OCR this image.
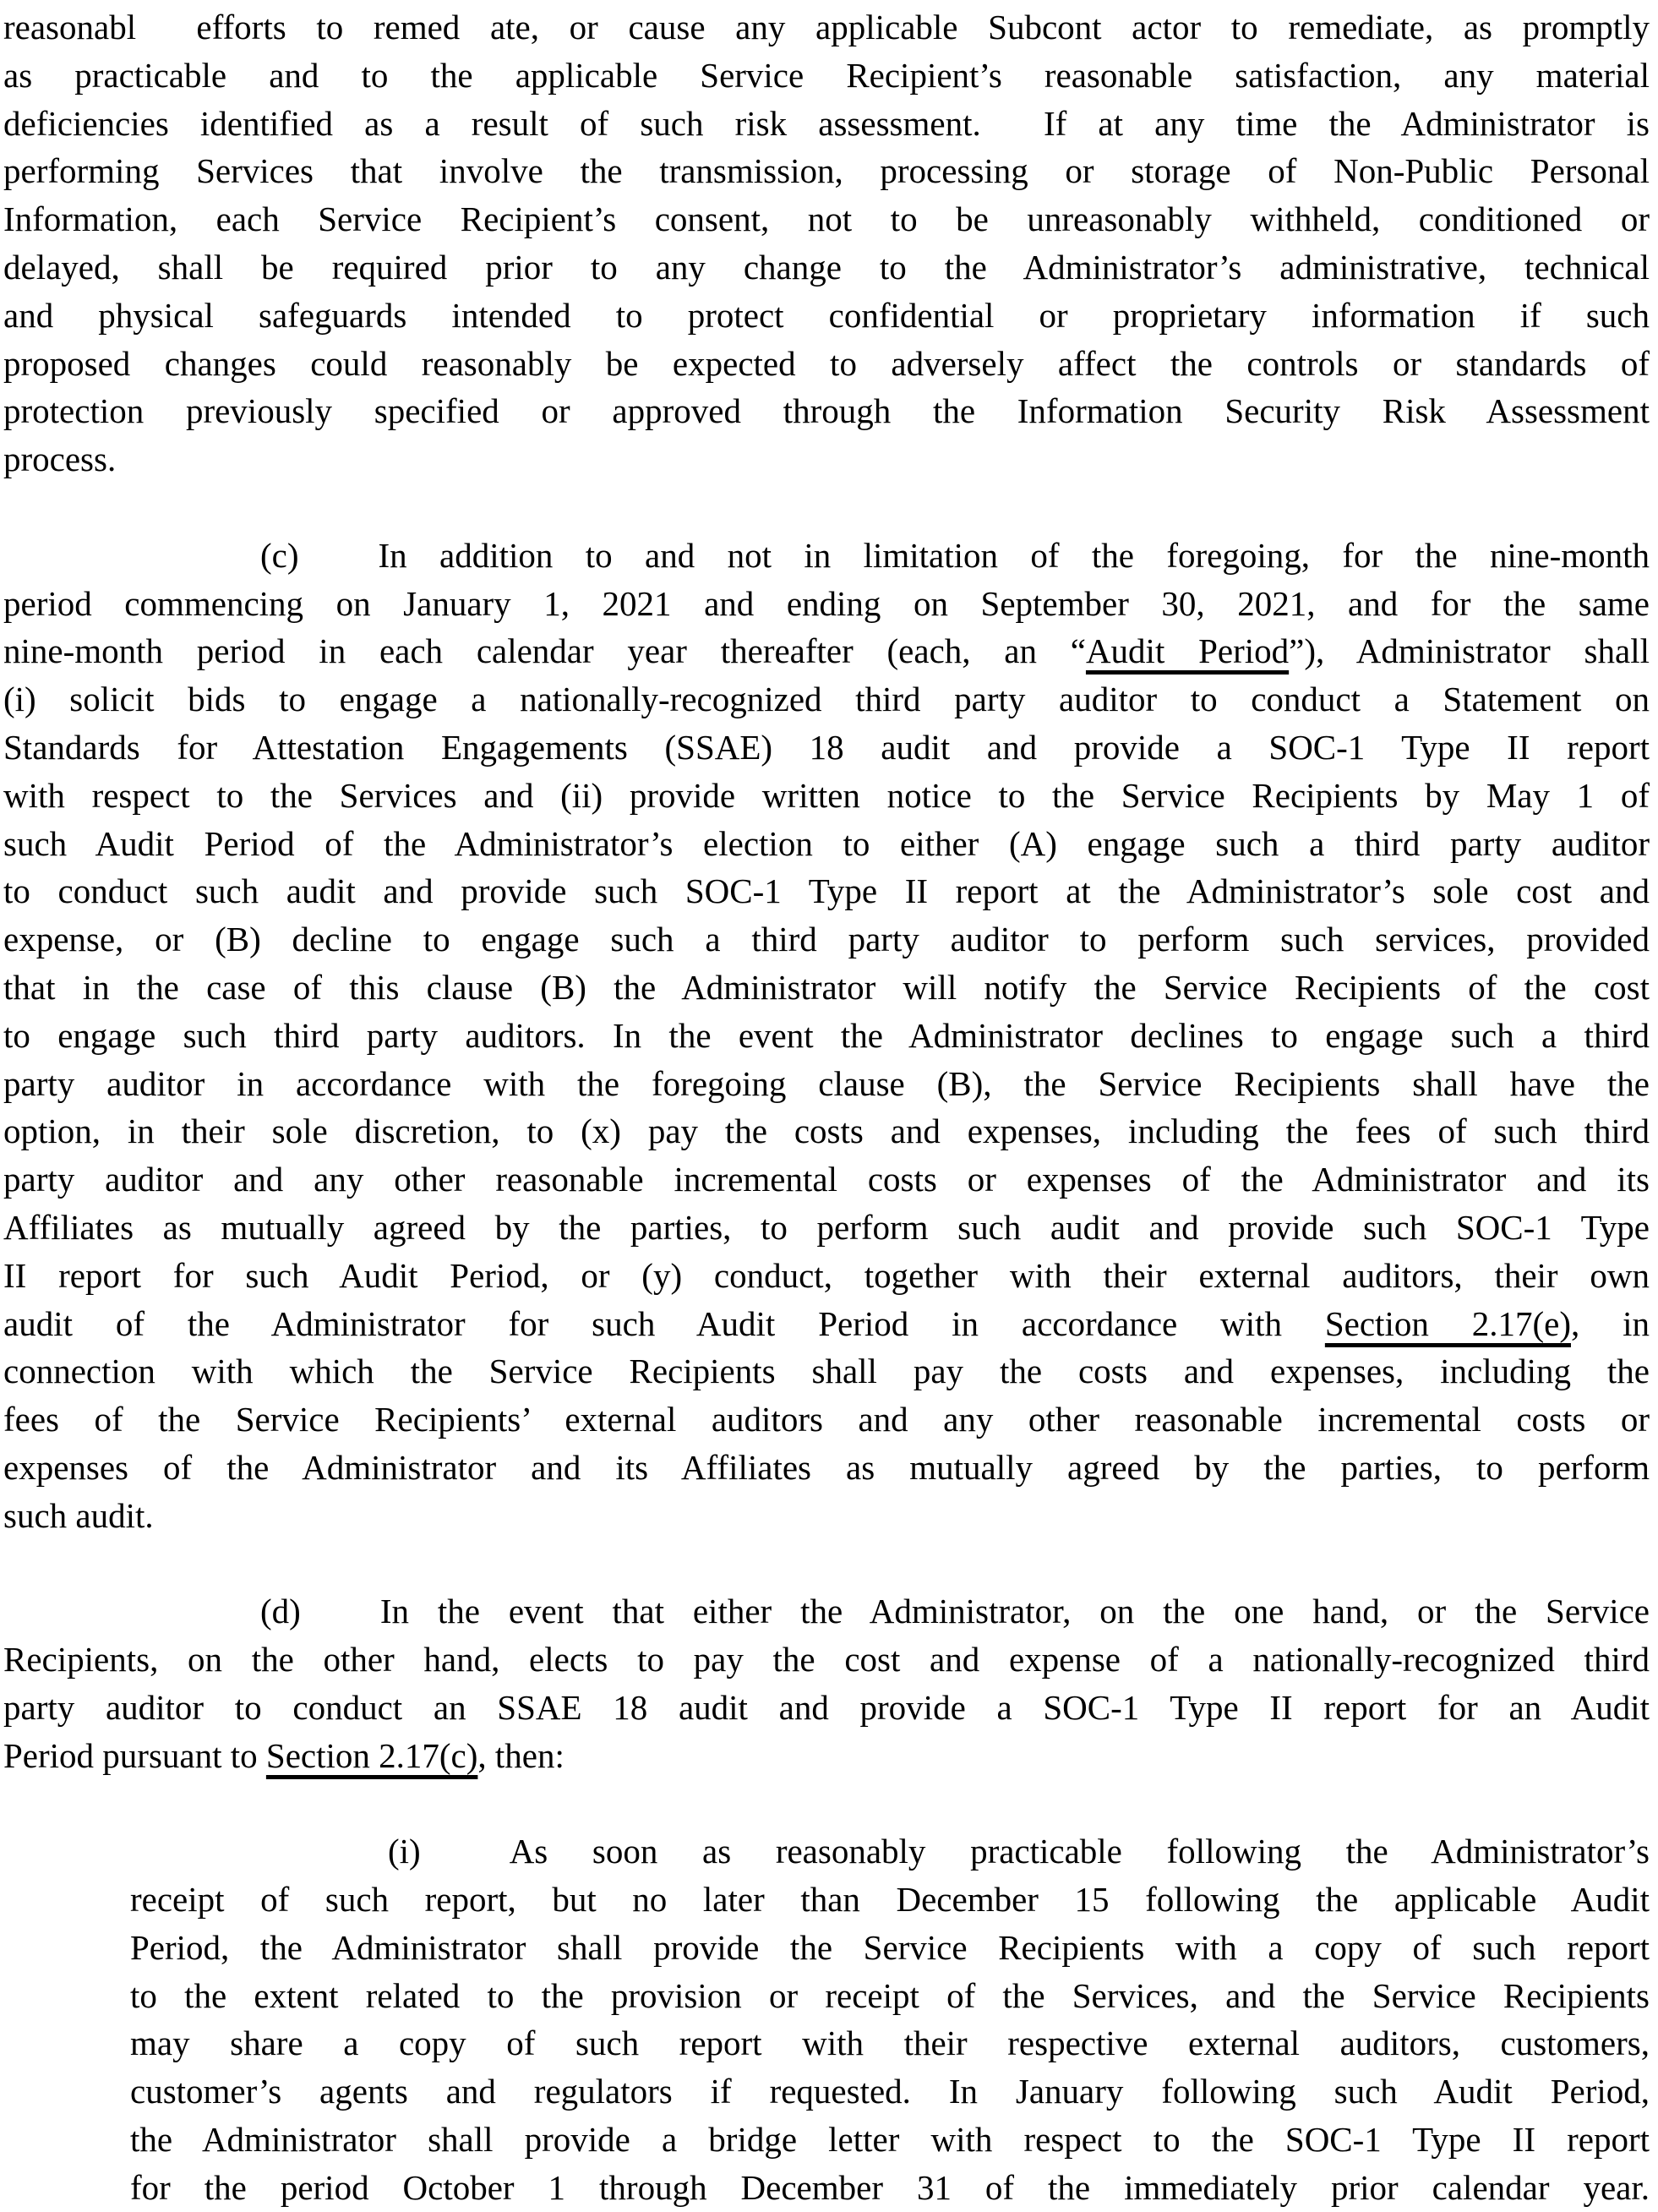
reasonabl  efforts to remed ate, or cause any applicable Subcont actor to remediate, as promptly
as practicable and to the applicable Service Recipient’s reasonable satisfaction, any material
deficiencies identified as a result of such risk assessment.  If at any time the Administrator is
performing Services that involve the transmission, processing or storage of Non-Public Personal
Information, each Service Recipient’s consent, not to be unreasonably withheld, conditioned or
delayed, shall be required prior to any change to the Administrator’s administrative, technical
and physical safeguards intended to protect confidential or proprietary information if such
proposed changes could reasonably be expected to adversely affect the controls or standards of
protection previously specified or approved through the Information Security Risk Assessment
process.
(c) In addition to and not in limitation of the foregoing, for the nine-month
period commencing on January 1, 2021 and ending on September 30, 2021, and for the same
nine-month period in each calendar year thereafter (each, an “Audit Period”), Administrator shall
(i) solicit bids to engage a nationally-recognized third party auditor to conduct a Statement on
Standards for Attestation Engagements (SSAE) 18 audit and provide a SOC-1 Type II report
with respect to the Services and (ii) provide written notice to the Service Recipients by May 1 of
such Audit Period of the Administrator’s election to either (A) engage such a third party auditor
to conduct such audit and provide such SOC-1 Type II report at the Administrator’s sole cost and
expense, or (B) decline to engage such a third party auditor to perform such services, provided
that in the case of this clause (B) the Administrator will notify the Service Recipients of the cost
to engage such third party auditors. In the event the Administrator declines to engage such a third
party auditor in accordance with the foregoing clause (B), the Service Recipients shall have the
option, in their sole discretion, to (x) pay the costs and expenses, including the fees of such third
party auditor and any other reasonable incremental costs or expenses of the Administrator and its
Affiliates as mutually agreed by the parties, to perform such audit and provide such SOC-1 Type
II report for such Audit Period, or (y) conduct, together with their external auditors, their own
audit of the Administrator for such Audit Period in accordance with Section 2.17(e), in
connection with which the Service Recipients shall pay the costs and expenses, including the
fees of the Service Recipients’ external auditors and any other reasonable incremental costs or
expenses of the Administrator and its Affiliates as mutually agreed by the parties, to perform
such audit.
(d) In the event that either the Administrator, on the one hand, or the Service
Recipients, on the other hand, elects to pay the cost and expense of a nationally-recognized third
party auditor to conduct an SSAE 18 audit and provide a SOC-1 Type II report for an Audit
Period pursuant to Section 2.17(c), then:
(i)	As soon as reasonably practicable following the Administrator’s
receipt of such report, but no later than December 15 following the applicable Audit
Period, the Administrator shall provide the Service Recipients with a copy of such report
to the extent related to the provision or receipt of the Services, and the Service Recipients
may share a copy of such report with their respective external auditors, customers,
customer’s agents and regulators if requested. In January following such Audit Period,
the Administrator shall provide a bridge letter with respect to the SOC-1 Type II report
for the period October 1 through December 31 of the immediately prior calendar year.
